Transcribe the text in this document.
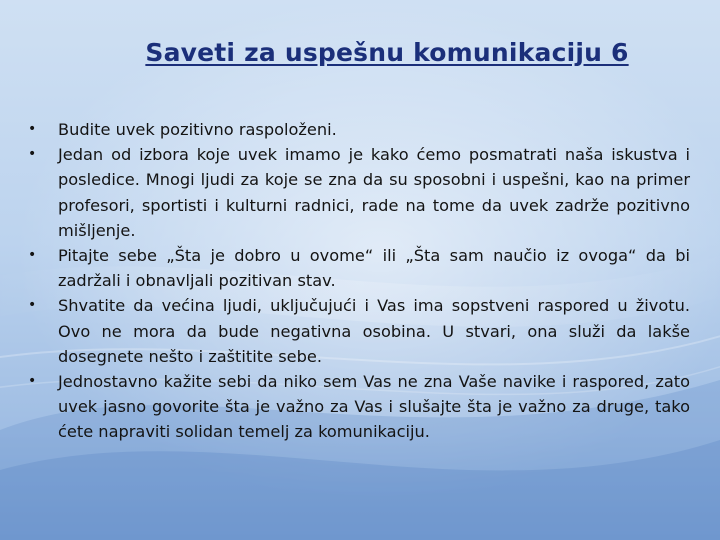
Saveti za uspešnu komunikaciju 6
•	Budite uvek pozitivno raspoloženi.
•	Jedan od izbora koje uvek imamo je kako ćemo posmatrati naša iskustva i posledice. Mnogi ljudi za koje se zna da su sposobni i uspešni, kao na primer profesori, sportisti i kulturni radnici, rade na tome da uvek zadrže pozitivno mišljenje.
•	Pitajte sebe „Šta je dobro u ovome“ ili „Šta sam naučio iz ovoga“ da bi zadržali i obnavljali pozitivan stav.
•	Shvatite da većina ljudi, uključujući i Vas ima sopstveni raspored u životu. Ovo ne mora da bude negativna osobina. U stvari, ona služi da lakše dosegnete nešto i zaštitite sebe.
•	Jednostavno kažite sebi da niko sem Vas ne zna Vaše navike i raspored, zato uvek jasno govorite šta je važno za Vas i slušajte šta je važno za druge, tako ćete napraviti solidan temelj za komunikaciju.
